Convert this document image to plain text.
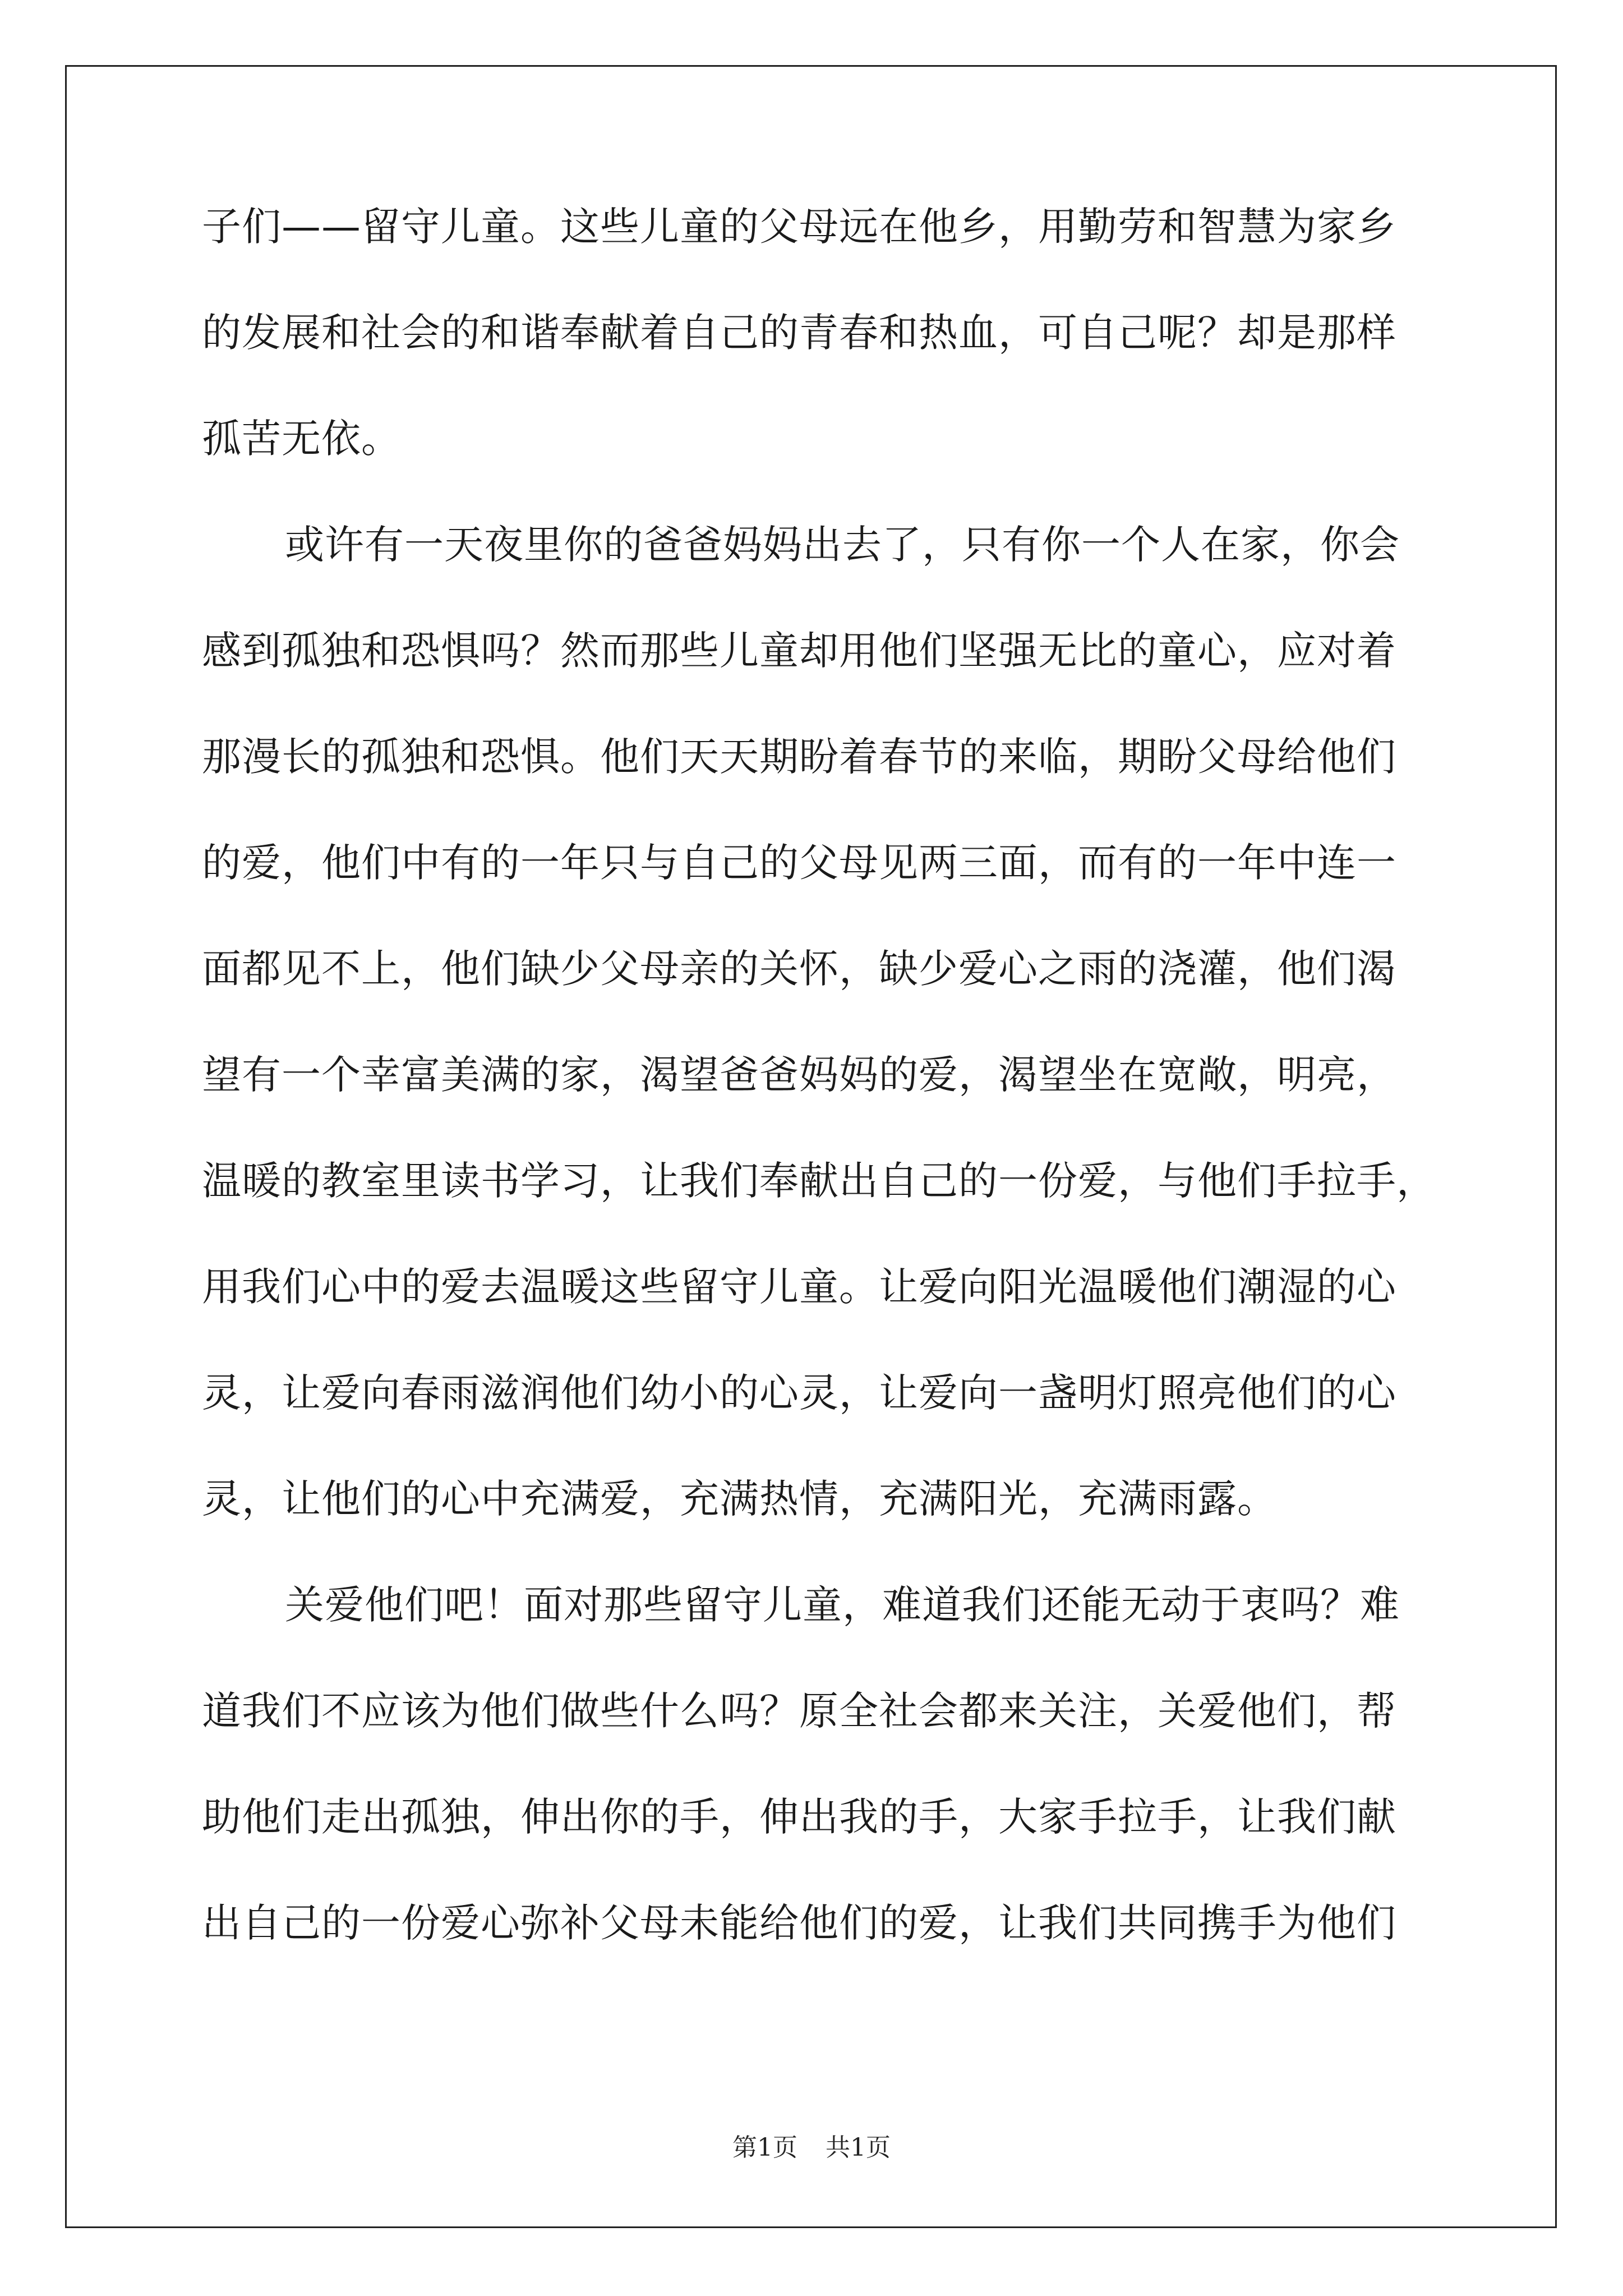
子们——留守儿童。这些儿童的父母远在他乡，用勤劳和智慧为家乡
的发展和社会的和谐奉献着自己的青春和热血，可自己呢？却是那样
孤苦无依。
或许有一天夜里你的爸爸妈妈出去了，只有你一个人在家，你会
感到孤独和恐惧吗？然而那些儿童却用他们坚强无比的童心，应对着
那漫长的孤独和恐惧。他们天天期盼着春节的来临，期盼父母给他们
的爱，他们中有的一年只与自己的父母见两三面，而有的一年中连一
面都见不上，他们缺少父母亲的关怀，缺少爱心之雨的浇灌，他们渴
望有一个幸富美满的家，渴望爸爸妈妈的爱，渴望坐在宽敞，明亮，
温暖的教室里读书学习，让我们奉献出自己的一份爱，与他们手拉手，
用我们心中的爱去温暖这些留守儿童。让爱向阳光温暖他们潮湿的心
灵，让爱向春雨滋润他们幼小的心灵，让爱向一盏明灯照亮他们的心
灵，让他们的心中充满爱，充满热情，充满阳光，充满雨露。
关爱他们吧！面对那些留守儿童，难道我们还能无动于衷吗？难
道我们不应该为他们做些什么吗？原全社会都来关注，关爱他们，帮
助他们走出孤独，伸出你的手，伸出我的手，大家手拉手，让我们献
出自己的一份爱心弥补父母未能给他们的爱，让我们共同携手为他们
第1页 共1页
